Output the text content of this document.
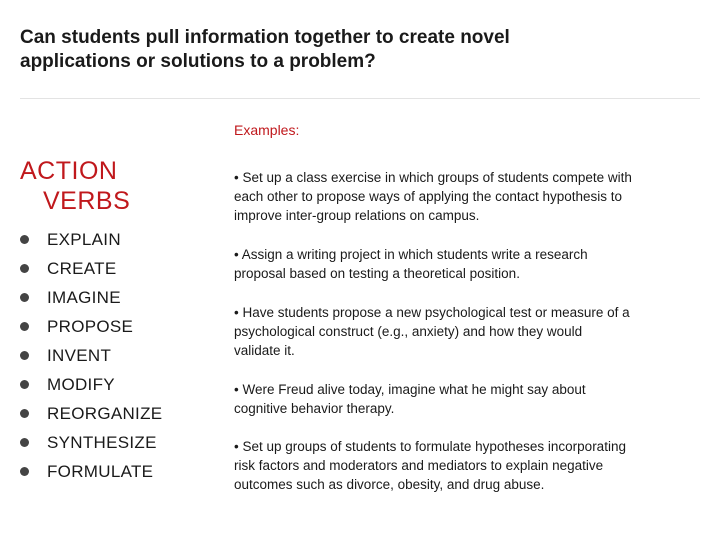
Can students pull information together to create novel
applications or solutions to a problem?
Examples:
ACTION
VERBS
EXPLAIN
CREATE
IMAGINE
PROPOSE
INVENT
MODIFY
REORGANIZE
SYNTHESIZE
FORMULATE
• Set up a class exercise in which groups of students compete with
each other to propose ways of applying the contact hypothesis to
improve inter-group relations on campus.
• Assign a writing project in which students write a research
proposal based on testing a theoretical position.
• Have students propose a new psychological test or measure of a
psychological construct (e.g., anxiety) and how they would
validate it.
• Were Freud alive today, imagine what he might say about
cognitive behavior therapy.
• Set up groups of students to formulate hypotheses incorporating
risk factors and moderators and mediators to explain negative
outcomes such as divorce, obesity, and drug abuse.
